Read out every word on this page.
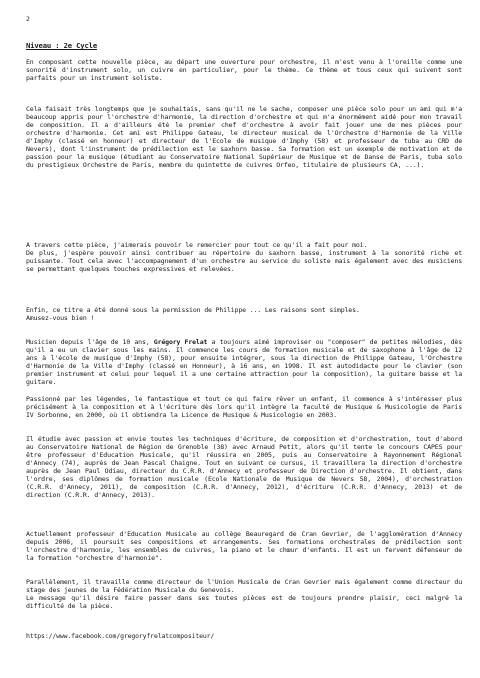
2
Niveau : 2e Cycle

En composant cette nouvelle pièce, au départ une ouverture pour orchestre, il m'est venu à l'oreille comme une sonorité d'instrument solo, un cuivre en particulier, pour le thème. Ce thème et tous ceux qui suivent sont parfaits pour un instrument soliste.

Cela faisait très longtemps que je souhaitais, sans qu'il ne le sache, composer une pièce solo pour un ami qui m'a beaucoup appris pour l'orchestre d'harmonie, la direction d'orchestre et qui m'a énormément aidé pour mon travail de composition. Il a d'ailleurs été le premier chef d'orchestre à avoir fait jouer une de mes pièces pour orchestre d'harmonie. Cet ami est Philippe Gateau, le directeur musical de l'Orchestre d'Harmonie de la Ville d'Imphy (classé en honneur) et directeur de l'Ecole de musique d'Imphy (58) et professeur de tuba au CRD de Nevers), dont l'instrument de prédilection est le saxhorn basse. Sa formation est un exemple de motivation et de passion pour la musique (étudiant au Conservatoire National Supérieur de Musique et de Danse de Paris, tuba solo du prestigieux Orchestre de Paris, membre du quintette de cuivres Orfeo, titulaire de plusieurs CA, ...).

A travers cette pièce, j'aimerais pouvoir le remercier pour tout ce qu'il a fait pour moi.

De plus, j'espère pouvoir ainsi contribuer au répertoire du saxhorn basse, instrument à la sonorité riche et puissante. Tout cela avec l'accompagnement d'un orchestre au service du soliste mais également avec des musiciens se permettant quelques touches expressives et relevées.

Enfin, ce titre a été donné sous la permission de Philippe ... Les raisons sont simples.

Amusez-vous bien !

Musicien depuis l'âge de 10 ans, Grégory Frelat a toujours aimé improviser ou "composer" de petites mélodies, dès qu'il a eu un clavier sous les mains. Il commence les cours de formation musicale et de saxophone à l'âge de 12 ans à l'école de musique d'Imphy (58), pour ensuite intégrer, sous la direction de Philippe Gateau, l'Orchestre d'Harmonie de la Ville d'Imphy (classé en Honneur), à 16 ans, en 1998. Il est autodidacte pour le clavier (son premier instrument et celui pour lequel il a une certaine attraction pour la composition), la guitare basse et la guitare.

Passionné par les légendes, le fantastique et tout ce qui faire rêver un enfant, il commence à s'intéresser plus précisément à la composition et à l'écriture dès lors qu'il intègre la faculté de Musique & Musicologie de Paris IV Sorbonne, en 2000, où il obtiendra la Licence de Musique & Musicologie en 2003.

Il étudie avec passion et envie toutes les techniques d'écriture, de composition et d'orchestration, tout d'abord au Conservatoire National de Région de Grenoble (38) avec Arnaud Petit, alors qu'il tente le concours CAPES pour être professeur d'Education Musicale, qu'il réussira en 2005, puis au Conservatoire à Rayonnement Régional d'Annecy (74), auprès de Jean Pascal Chaigne. Tout en suivant ce cursus, il travaillera la direction d'orchestre auprès de Jean Paul Odiau, directeur du C.R.R. d'Annecy et professeur de Direction d'orchestre. Il obtient, dans l'ordre, ses diplômes de formation musicale (Ecole Nationale de Musique de Nevers 58, 2004), d'orchestration (C.R.R. d'Annecy, 2011), de composition (C.R.R. d'Annecy, 2012), d'écriture (C.R.R. d'Annecy, 2013) et de direction (C.R.R. d'Annecy, 2013).

Actuellement professeur d'Education Musicale au collège Beauregard de Cran Gevrier, de l'agglomération d'Annecy depuis 2006, il poursuit ses compositions et arrangements. Ses formations orchestrales de prédilection sont l'orchestre d'harmonie, les ensembles de cuivres, la piano et le chœur d'enfants. Il est un fervent défenseur de la formation "orchestre d'harmonie".

Parallèlement, il travaille comme directeur de l'Union Musicale de Cran Gevrier mais également comme directeur du stage des jeunes de la Fédération Musicale du Genevois.

Le message qu'il désire faire passer dans ses toutes pièces est de toujours prendre plaisir, ceci malgré la difficulté de la pièce.

https://www.facebook.com/gregoryfrelatcompositeur/
